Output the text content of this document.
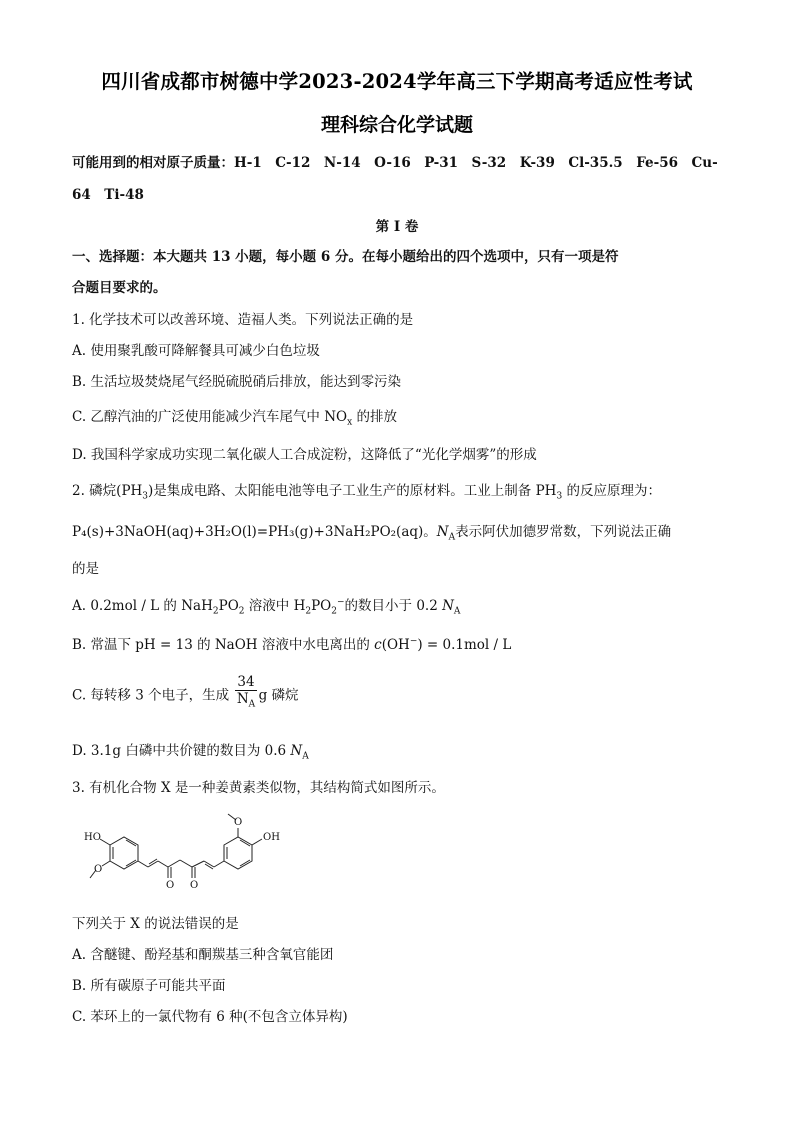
四川省成都市树德中学2023-2024学年高三下学期高考适应性考试
理科综合化学试题
可能用到的相对原子质量：H-1　C-12　N-14　O-16　P-31　S-32　K-39　Cl-35.5　Fe-56　Cu-
64　Ti-48
第 I 卷
一、选择题：本大题共 13 小题，每小题 6 分。在每小题给出的四个选项中，只有一项是符
合题目要求的。
1. 化学技术可以改善环境、造福人类。下列说法正确的是
A. 使用聚乳酸可降解餐具可减少白色垃圾
B. 生活垃圾焚烧尾气经脱硫脱硝后排放，能达到零污染
C. 乙醇汽油的广泛使用能减少汽车尾气中 $NO_x$ 的排放
D. 我国科学家成功实现二氧化碳人工合成淀粉，这降低了“光化学烟雾”的形成
2. 磷烷$(PH_3)$是集成电路、太阳能电池等电子工业生产的原材料。工业上制备 $PH_3$ 的反应原理为：
P₄(s)+3NaOH(aq)+3H₂O(l)=PH₃(g)+3NaH₂PO₂(aq)。$N_A$表示阿伏加德罗常数，下列说法正确
的是
A. 0.2mol / L 的 $NaH_2PO_2$ 溶液中 $H_2PO_2^-$的数目小于 0.2 $N_A$
B. 常温下 pH = 13 的 NaOH 溶液中水电离出的 c(OH−) = 0.1mol / L
C. 每转移 3 个电子，生成 $\frac{34}{N_A}$ g 磷烷
D. 3.1g 白磷中共价键的数目为 0.6 $N_A$
3. 有机化合物 X 是一种姜黄素类似物，其结构简式如图所示。
HO
O
O O
O
OH
下列关于 X 的说法错误的是
A. 含醚键、酚羟基和酮羰基三种含氧官能团
B. 所有碳原子可能共平面
C. 苯环上的一氯代物有 6 种(不包含立体异构)
